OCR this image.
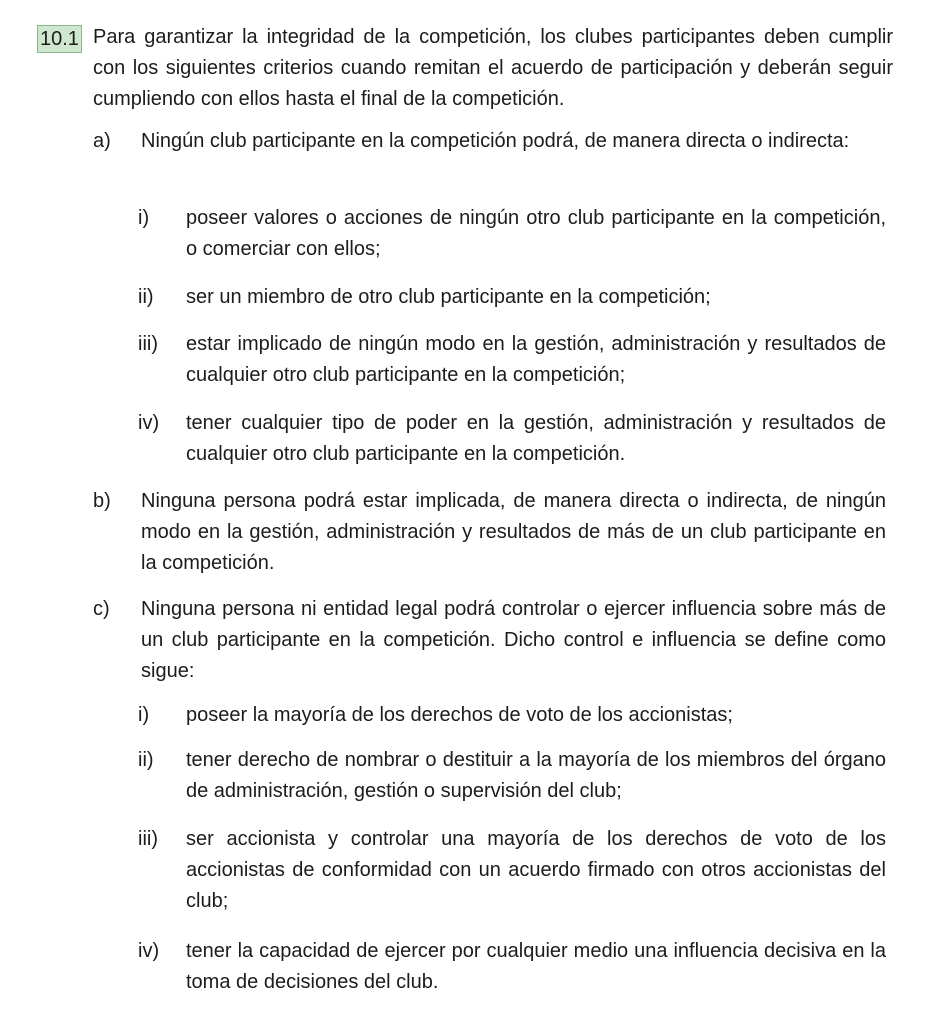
10.1 Para garantizar la integridad de la competición, los clubes participantes deben cumplir con los siguientes criterios cuando remitan el acuerdo de participación y deberán seguir cumpliendo con ellos hasta el final de la competición.
a) Ningún club participante en la competición podrá, de manera directa o indirecta:
i) poseer valores o acciones de ningún otro club participante en la competición, o comerciar con ellos;
ii) ser un miembro de otro club participante en la competición;
iii) estar implicado de ningún modo en la gestión, administración y resultados de cualquier otro club participante en la competición;
iv) tener cualquier tipo de poder en la gestión, administración y resultados de cualquier otro club participante en la competición.
b) Ninguna persona podrá estar implicada, de manera directa o indirecta, de ningún modo en la gestión, administración y resultados de más de un club participante en la competición.
c) Ninguna persona ni entidad legal podrá controlar o ejercer influencia sobre más de un club participante en la competición. Dicho control e influencia se define como sigue:
i) poseer la mayoría de los derechos de voto de los accionistas;
ii) tener derecho de nombrar o destituir a la mayoría de los miembros del órgano de administración, gestión o supervisión del club;
iii) ser accionista y controlar una mayoría de los derechos de voto de los accionistas de conformidad con un acuerdo firmado con otros accionistas del club;
iv) tener la capacidad de ejercer por cualquier medio una influencia decisiva en la toma de decisiones del club.
